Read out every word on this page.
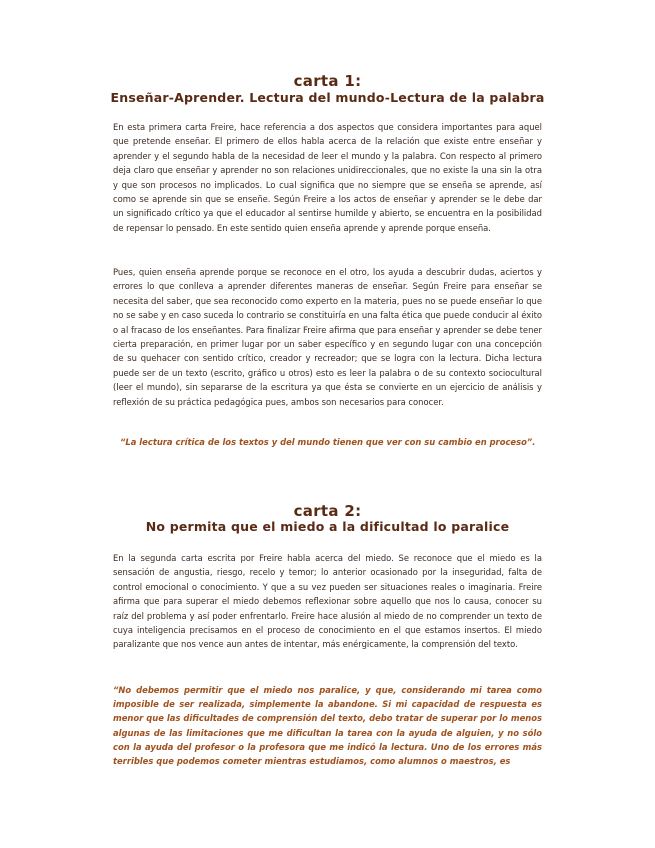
carta 1:
Enseñar-Aprender. Lectura del mundo-Lectura de la palabra

En esta primera carta Freire, hace referencia a dos aspectos que considera importantes para aquel que pretende enseñar. El primero de ellos habla acerca de la relación que existe entre enseñar y aprender y el segundo habla de la necesidad de leer el mundo y la palabra. Con respecto al primero deja claro que enseñar y aprender no son relaciones unidireccionales, que no existe la una sin la otra y que son procesos no implicados. Lo cual significa que no siempre que se enseña se aprende, así como se aprende sin que se enseñe. Según Freire a los actos de enseñar y aprender se le debe dar un significado crítico ya que el educador al sentirse humilde y abierto, se encuentra en la posibilidad de repensar lo pensado. En este sentido quien enseña aprende y aprende porque enseña.

Pues, quien enseña aprende porque se reconoce en el otro, los ayuda a descubrir dudas, aciertos y errores lo que conlleva a aprender diferentes maneras de enseñar. Según Freire para enseñar se necesita del saber, que sea reconocido como experto en la materia, pues no se puede enseñar lo que no se sabe y en caso suceda lo contrario se constituiría en una falta ética que puede conducir al éxito o al fracaso de los enseñantes. Para finalizar Freire afirma que para enseñar y aprender se debe tener cierta preparación, en primer lugar por un saber específico y en segundo lugar con una concepción de su quehacer con sentido crítico, creador y recreador; que se logra con la lectura. Dicha lectura puede ser de un texto (escrito, gráfico u otros) esto es leer la palabra o de su contexto sociocultural (leer el mundo), sin separarse de la escritura ya que ésta se convierte en un ejercicio de análisis y reflexión de su práctica pedagógica pues, ambos son necesarios para conocer.

“La lectura crítica de los textos y del mundo tienen que ver con su cambio en proceso”.

carta 2:
No permita que el miedo a la dificultad lo paralice

En la segunda carta escrita por Freire habla acerca del miedo. Se reconoce que el miedo es la sensación de angustia, riesgo, recelo y temor; lo anterior ocasionado por la inseguridad, falta de control emocional o conocimiento. Y que a su vez pueden ser situaciones reales o imaginaria. Freire afirma que para superar el miedo debemos reflexionar sobre aquello que nos lo causa, conocer su raíz del problema y así poder enfrentarlo. Freire hace alusión al miedo de no comprender un texto de cuya inteligencia precisamos en el proceso de conocimiento en el que estamos insertos. El miedo paralizante que nos vence aun antes de intentar, más enérgicamente, la comprensión del texto.

“No debemos permitir que el miedo nos paralice, y que, considerando mi tarea como imposible de ser realizada, simplemente la abandone. Si mi capacidad de respuesta es menor que las dificultades de comprensión del texto, debo tratar de superar por lo menos algunas de las limitaciones que me dificultan la tarea con la ayuda de alguien, y no sólo con la ayuda del profesor o la profesora que me indicó la lectura. Uno de los errores más terribles que podemos cometer mientras estudiamos, como alumnos o maestros, es
